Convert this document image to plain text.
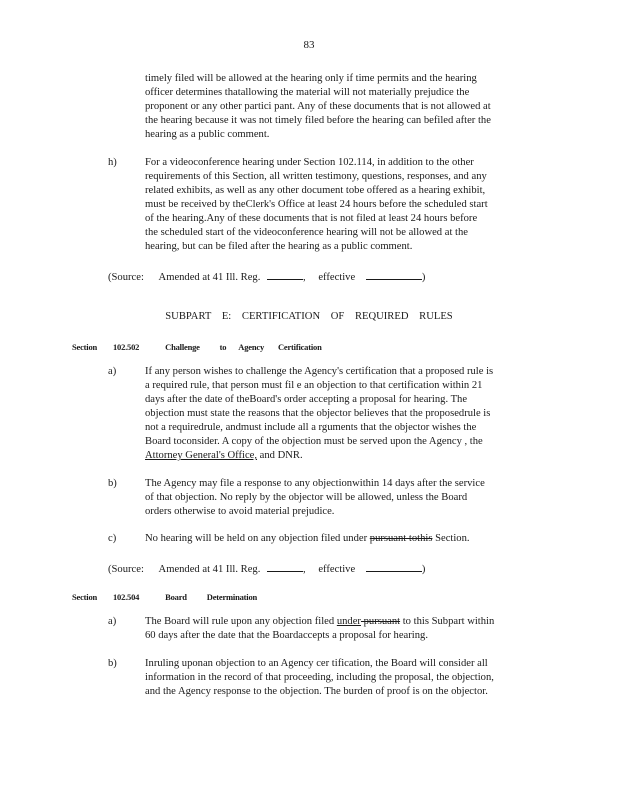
83
timely filed will be allowed at the hearing only if time permits and the hearing
officer determines thatallowing the material will not materially prejudice the
proponent or any other partici pant. Any of these documents that is not allowed at
the hearing because it was not timely filed before the hearing can befiled after the
hearing as a public comment.
h)	For a videoconference hearing under Section 102.114, in addition to the other
requirements of this Section, all written testimony, questions, responses, and any
related exhibits, as well as any other document tobe offered as a hearing exhibit,
must be received by theClerk's Office at least 24 hours before the scheduled start
of the hearing.Any of these documents that is not filed at least 24 hours before
the scheduled start of the videoconference hearing will not be allowed at the
hearing, but can be filed after the hearing as a public comment.
(Source: Amended at 41 Ill. Reg.	, effective	)
SUBPART E: CERTIFICATION OF REQUIRED RULES
Section 102.502	Challenge to Agency Certification
a)	If any person wishes to challenge the Agency's certification that a proposed rule is
a required rule, that person must fil e an objection to that certification within 21
days after the date of theBoard's order accepting a proposal for hearing. The
objection must state the reasons that the objector believes that the proposedrule is
not a requiredrule, andmust include all a rguments that the objector wishes the
Board toconsider. A copy of the objection must be served upon the Agency , the
Attorney General's Office, and DNR.
b)	The Agency may file a response to any objectionwithin 14 days after the service
of that objection. No reply by the objector will be allowed, unless the Board
orders otherwise to avoid material prejudice.
c)	No hearing will be held on any objection filed under pursuant tothis Section.
(Source: Amended at 41 Ill. Reg.	, effective	)
Section 102.504	Board Determination
a)	The Board will rule upon any objection filed under pursuant to this Subpart within
60 days after the date that the Boardaccepts a proposal for hearing.
b)	Inruling uponan objection to an Agency cer tification, the Board will consider all
information in the record of that proceeding, including the proposal, the objection,
and the Agency response to the objection. The burden of proof is on the objector.
